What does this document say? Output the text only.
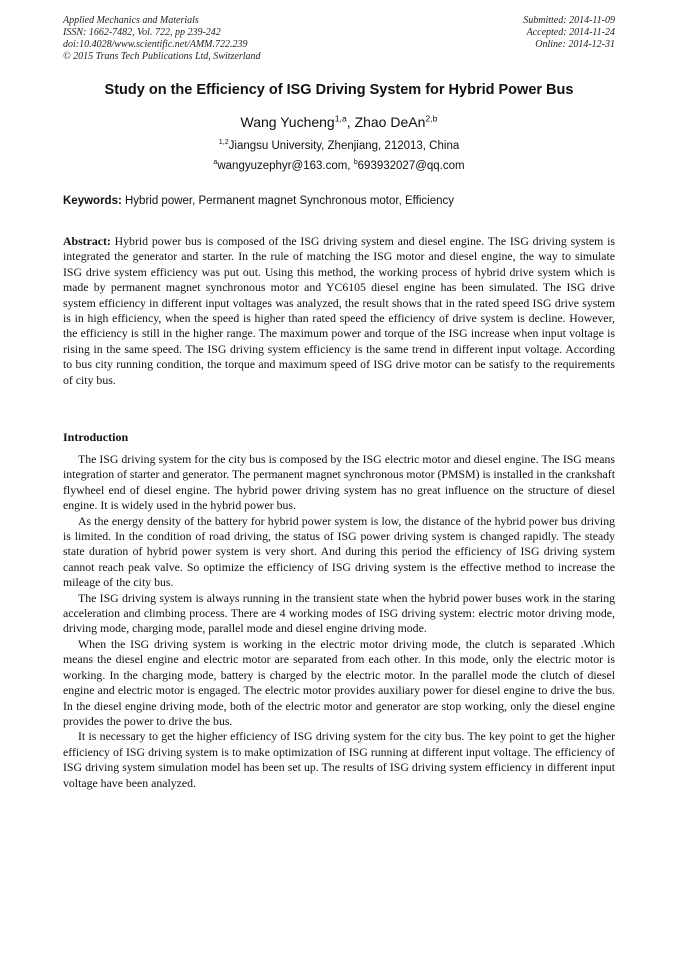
Applied Mechanics and Materials
ISSN: 1662-7482, Vol. 722, pp 239-242
doi:10.4028/www.scientific.net/AMM.722.239
© 2015 Trans Tech Publications Ltd, Switzerland
Submitted: 2014-11-09
Accepted: 2014-11-24
Online: 2014-12-31
Study on the Efficiency of ISG Driving System for Hybrid Power Bus
Wang Yucheng$^{1,a}$, Zhao DeAn$^{2,b}$
$^{1,2}$Jiangsu University, Zhenjiang, 212013, China
$^a$wangyuzephyr@163.com, $^b$693932027@qq.com
Keywords: Hybrid power, Permanent magnet Synchronous motor, Efficiency
Abstract: Hybrid power bus is composed of the ISG driving system and diesel engine. The ISG driving system is integrated the generator and starter. In the rule of matching the ISG motor and diesel engine, the way to simulate ISG drive system efficiency was put out. Using this method, the working process of hybrid drive system which is made by permanent magnet synchronous motor and YC6105 diesel engine has been simulated. The ISG drive system efficiency in different input voltages was analyzed, the result shows that in the rated speed ISG drive system is in high efficiency, when the speed is higher than rated speed the efficiency of drive system is decline. However, the efficiency is still in the higher range. The maximum power and torque of the ISG increase when input voltage is rising in the same speed. The ISG driving system efficiency is the same trend in different input voltage. According to bus city running condition, the torque and maximum speed of ISG drive motor can be satisfy to the requirements of city bus.
Introduction

The ISG driving system for the city bus is composed by the ISG electric motor and diesel engine. The ISG means integration of starter and generator. The permanent magnet synchronous motor (PMSM) is installed in the crankshaft flywheel end of diesel engine. The hybrid power driving system has no great influence on the structure of diesel engine. It is widely used in the hybrid power bus.

As the energy density of the battery for hybrid power system is low, the distance of the hybrid power bus driving is limited. In the condition of road driving, the status of ISG power driving system is changed rapidly. The steady state duration of hybrid power system is very short. And during this period the efficiency of ISG driving system cannot reach peak valve. So optimize the efficiency of ISG driving system is the effective method to increase the mileage of the city bus.

The ISG driving system is always running in the transient state when the hybrid power buses work in the staring acceleration and climbing process. There are 4 working modes of ISG driving system: electric motor driving mode, driving mode, charging mode, parallel mode and diesel engine driving mode.

When the ISG driving system is working in the electric motor driving mode, the clutch is separated .Which means the diesel engine and electric motor are separated from each other. In this mode, only the electric motor is working. In the charging mode, battery is charged by the electric motor. In the parallel mode the clutch of diesel engine and electric motor is engaged. The electric motor provides auxiliary power for diesel engine to drive the bus. In the diesel engine driving mode, both of the electric motor and generator are stop working, only the diesel engine provides the power to drive the bus.

It is necessary to get the higher efficiency of ISG driving system for the city bus. The key point to get the higher efficiency of ISG driving system is to make optimization of ISG running at different input voltage. The efficiency of ISG driving system simulation model has been set up. The results of ISG driving system efficiency in different input voltage have been analyzed.
